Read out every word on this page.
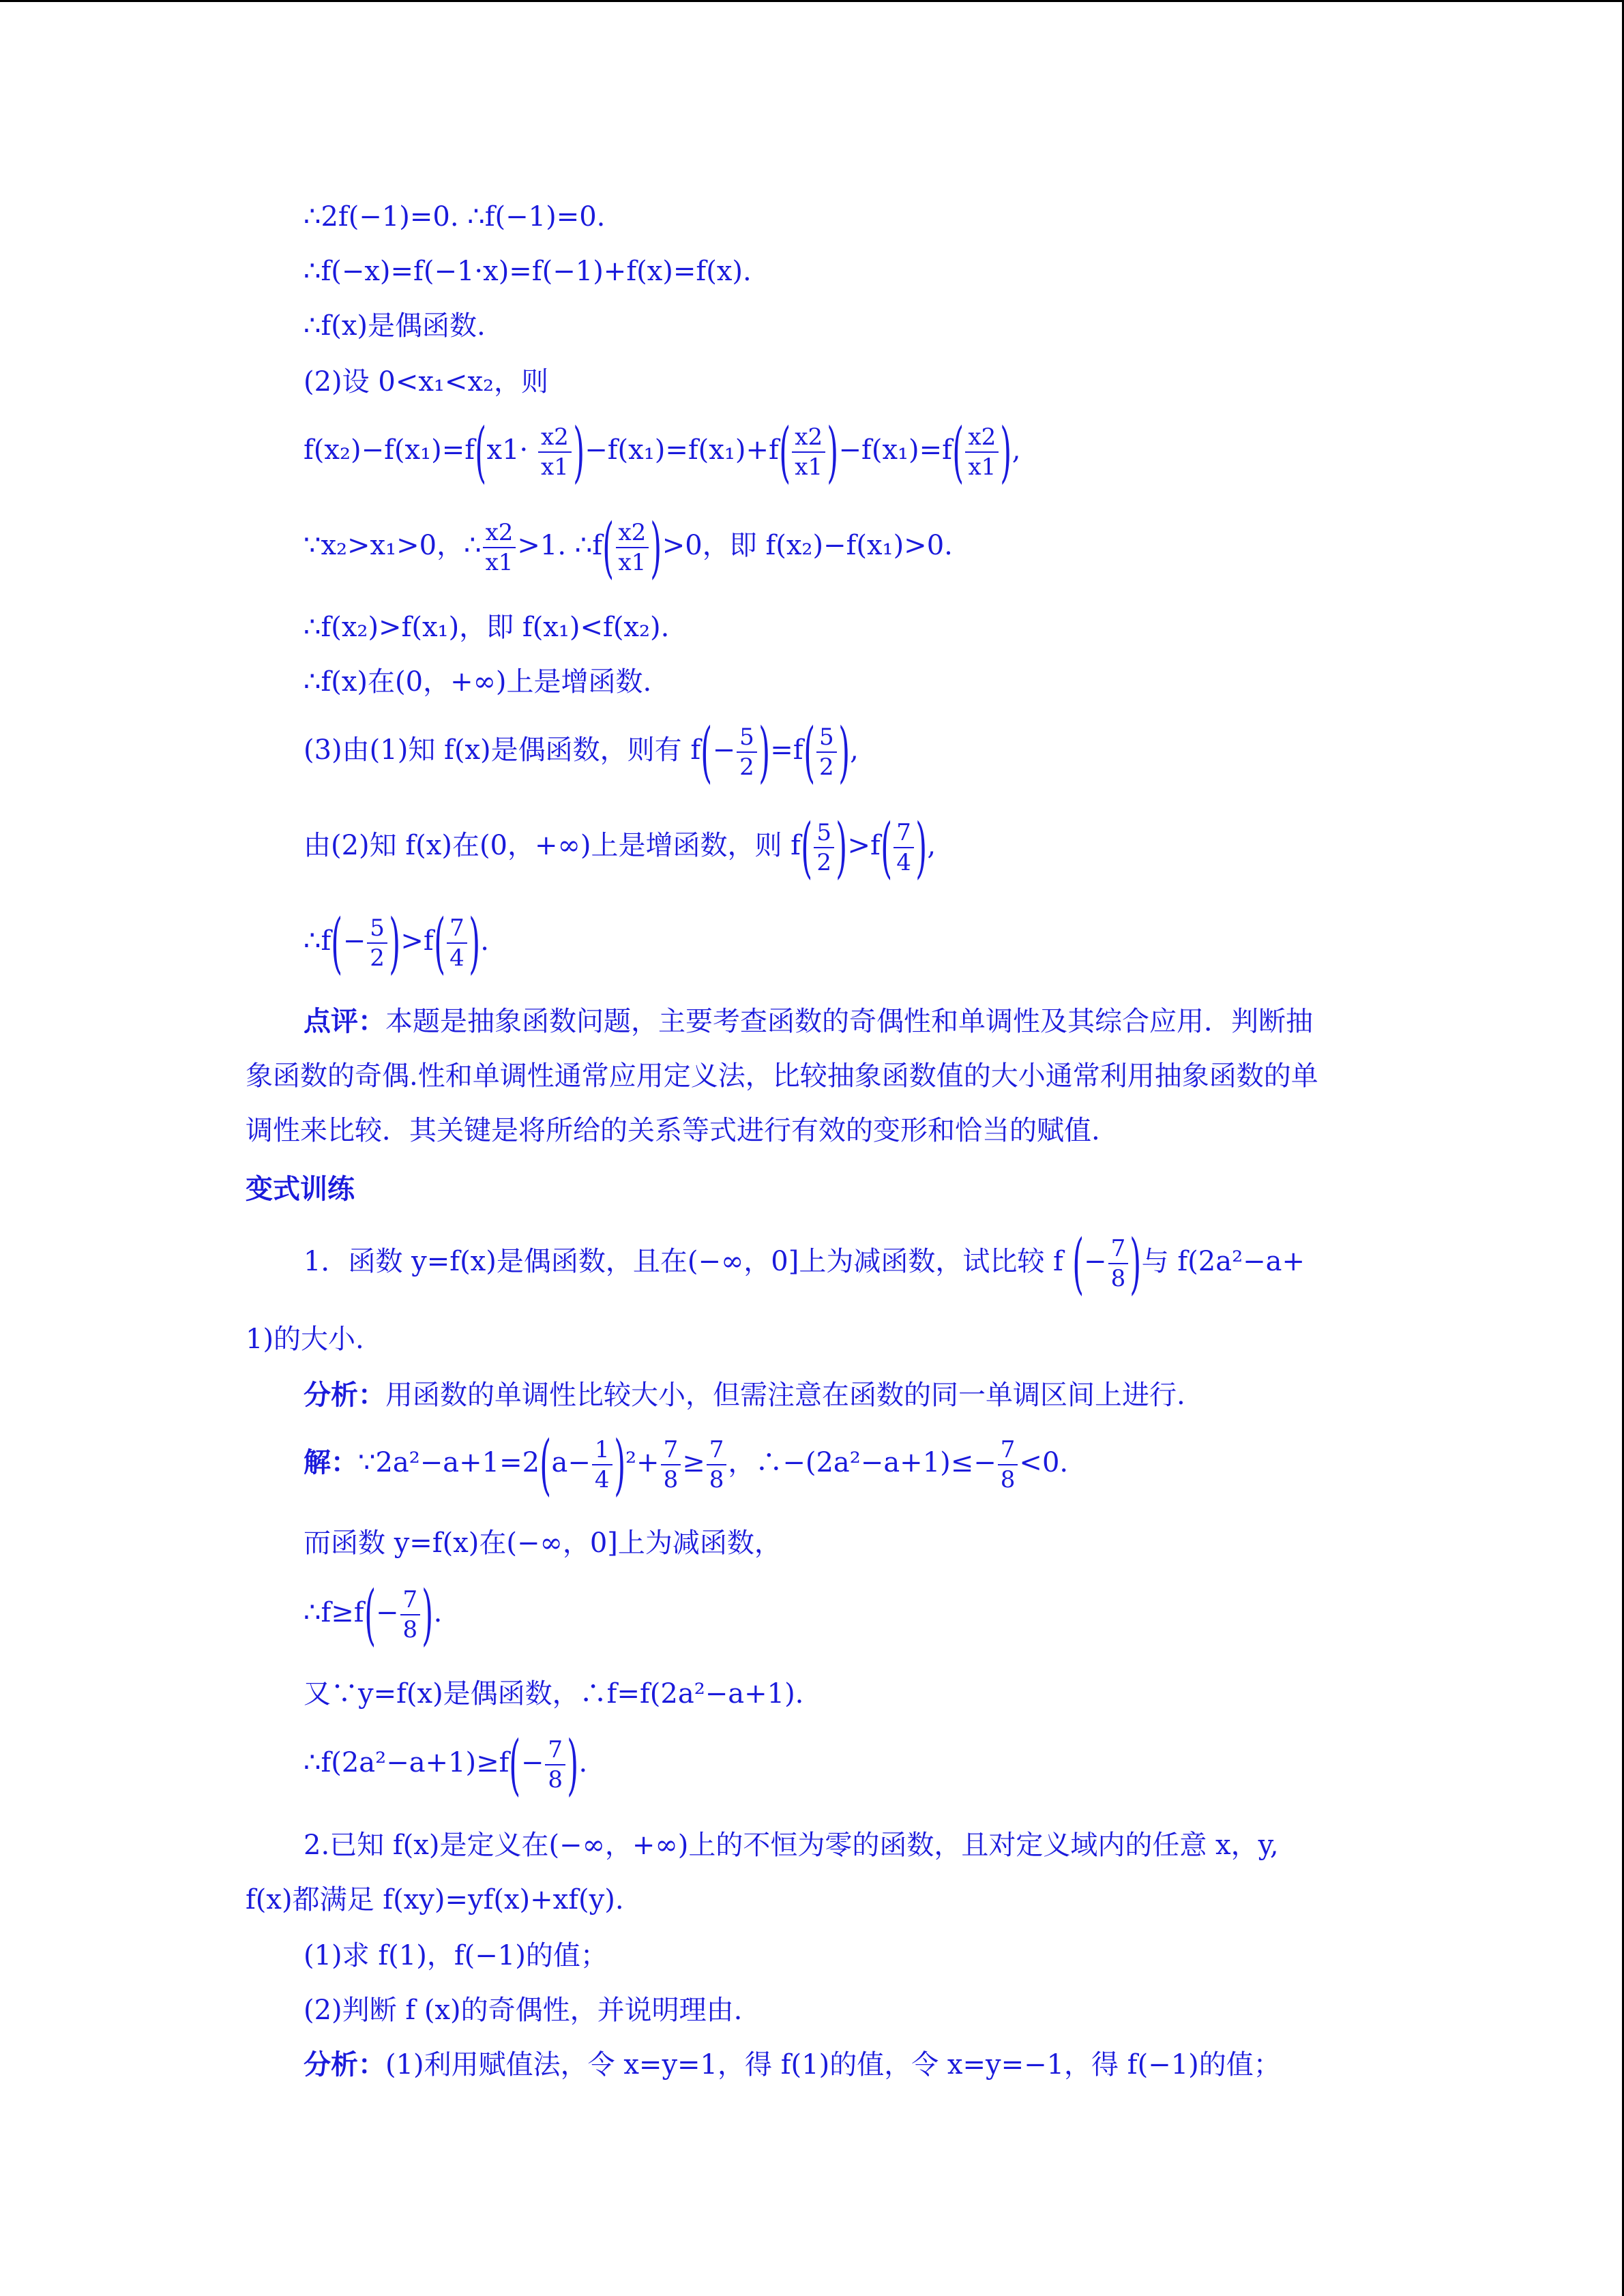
∴2f(−1)=0. ∴f(−1)=0.
∴f(−x)=f(−1·x)=f(−1)+f(x)=f(x).
∴f(x)是偶函数.
(2)设 0<x₁<x₂，则
$f(x_2)-f(x_1)=f(x1\cdot \frac{x2}{x1} )-f(x_1)=f(x_1)+f( \frac{x2}{x1} )-f(x_1)=f( \frac{x2}{x1}$ ),
∵x₂>x₁>0，∴ $\frac{x2}{x1} >1$. ∴f( $\frac{x2}{x1} )>0$，即 f(x₂)−f(x₁)>0.
∴f(x₂)>f(x₁)，即 f(x₁)<f(x₂).
∴f(x)在(0，+∞)上是增函数.
(3)由(1)知 f(x)是偶函数，则有 $f(- \frac{5}{2} )=f( \frac{5}{2}$ ),
由(2)知 f(x)在(0，+∞)上是增函数，则 $f( \frac{5}{2} )>f( \frac{7}{4}$ ),
∴f(− $\frac{5}{2} )>f( \frac{7}{4}$ ).
点评：本题是抽象函数问题，主要考查函数的奇偶性和单调性及其综合应用．判断抽
象函数的奇偶.性和单调性通常应用定义法，比较抽象函数值的大小通常利用抽象函数的单
调性来比较．其关键是将所给的关系等式进行有效的变形和恰当的赋值.
变式训练
1．函数 y=f(x)是偶函数，且在(−∞，0]上为减函数，试比较 f (− $\frac{7}{8}$ )与 f(2a²−a+
1)的大小.
分析：用函数的单调性比较大小，但需注意在函数的同一单调区间上进行.
解：∵2a²−a+1=2(a− $\frac{1}{4} )^2+ \frac{7}{8} \ge \frac{7}{8}$ ，∴−(2a²−a+1)≤− $\frac{7}{8} <0$.
而函数 y=f(x)在(−∞，0]上为减函数，
∴f≥f(− $\frac{7}{8}$ ).
又∵y=f(x)是偶函数，∴f=f(2a²−a+1).
∴f(2a²−a+1)≥f(− $\frac{7}{8}$ ).
2.已知 f(x)是定义在(−∞，+∞)上的不恒为零的函数，且对定义域内的任意 x，y,
f(x)都满足 f(xy)=yf(x)+xf(y).
(1)求 f(1)，f(−1)的值；
(2)判断 f (x)的奇偶性，并说明理由.
分析：(1)利用赋值法，令 x=y=1，得 f(1)的值，令 x=y=−1，得 f(−1)的值；
